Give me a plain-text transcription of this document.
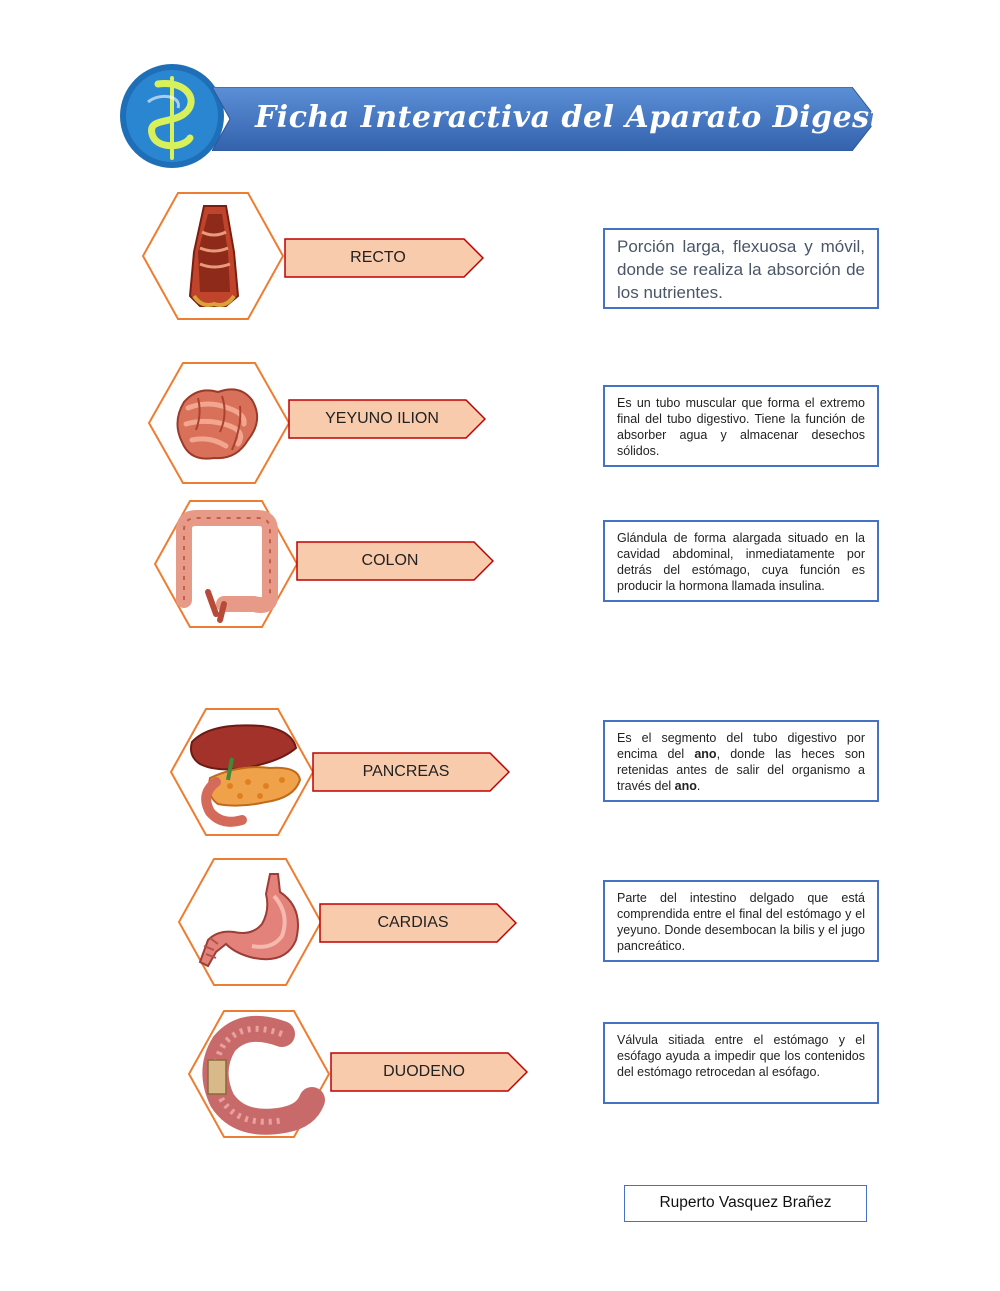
Ficha Interactiva del Aparato Digestivo
RECTO
YEYUNO ILION
COLON
PANCREAS
CARDIAS
DUODENO
Porción larga, flexuosa y móvil, donde se realiza la absorción de los nutrientes.
Es un tubo muscular que forma el extremo final del tubo digestivo. Tiene la función de absorber agua y almacenar desechos sólidos.
Glándula de forma alargada situado en la cavidad abdominal, inmediatamente por detrás del estómago, cuya función es producir la hormona llamada insulina.
Es el segmento del tubo digestivo por encima del ano, donde las heces son retenidas antes de salir del organismo a través del ano.
Parte del intestino delgado que está comprendida entre el final del estómago y el yeyuno. Donde desembocan la bilis y el jugo pancreático.
Válvula sitiada entre el estómago y el esófago ayuda a impedir que los contenidos del estómago retrocedan al esófago.
Ruperto Vasquez Brañez
